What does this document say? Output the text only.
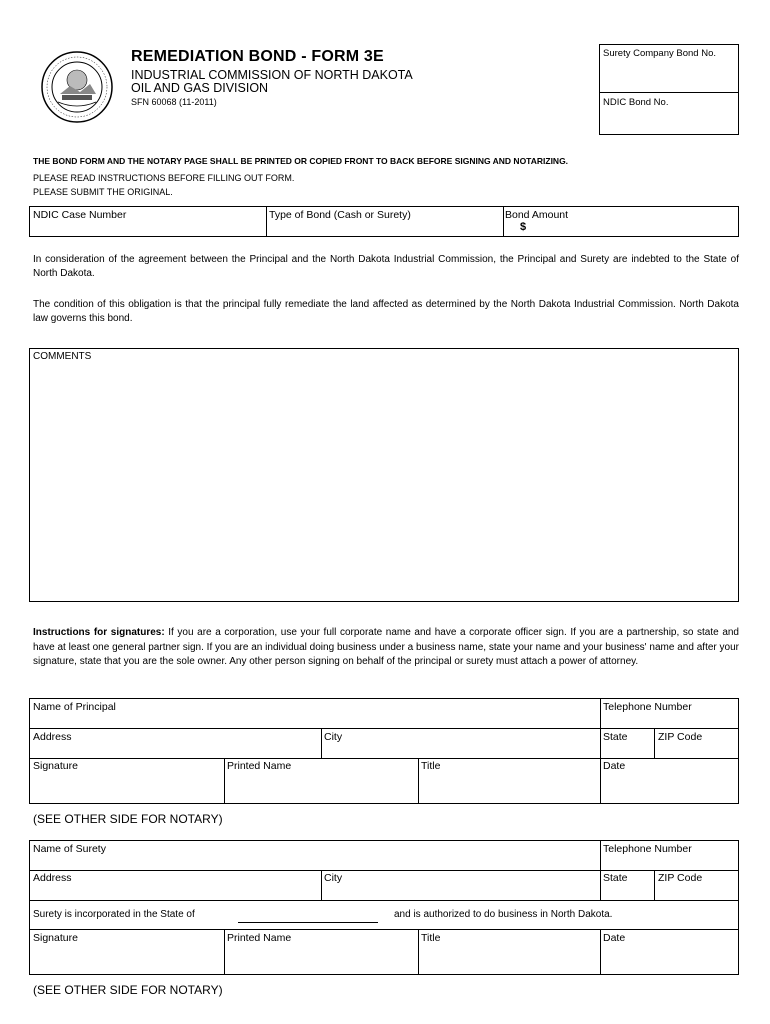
REMEDIATION BOND - FORM 3E
INDUSTRIAL COMMISSION OF NORTH DAKOTA
OIL AND GAS DIVISION
SFN 60068 (11-2011)
Surety Company Bond No.
NDIC Bond No.
THE BOND FORM AND THE NOTARY PAGE SHALL BE PRINTED OR COPIED FRONT TO BACK BEFORE SIGNING AND NOTARIZING.
PLEASE READ INSTRUCTIONS BEFORE FILLING OUT FORM.
PLEASE SUBMIT THE ORIGINAL.
NDIC Case Number	Type of Bond (Cash or Surety)	Bond Amount
$
In consideration of the agreement between the Principal and the North Dakota Industrial Commission, the Principal and Surety are indebted to the State of North Dakota.
The condition of this obligation is that the principal fully remediate the land affected as determined by the North Dakota Industrial Commission. North Dakota law governs this bond.
COMMENTS
Instructions for signatures: If you are a corporation, use your full corporate name and have a corporate officer sign. If you are a partnership, so state and have at least one general partner sign. If you are an individual doing business under a business name, state your name and your business' name and after your signature, state that you are the sole owner. Any other person signing on behalf of the principal or surety must attach a power of attorney.
Name of Principal	Telephone Number
Address	City	State	ZIP Code
Signature	Printed Name	Title	Date
(SEE OTHER SIDE FOR NOTARY)
Name of Surety	Telephone Number
Address	City	State	ZIP Code
Surety is incorporated in the State of	and is authorized to do business in North Dakota.
Signature	Printed Name	Title	Date
(SEE OTHER SIDE FOR NOTARY)
